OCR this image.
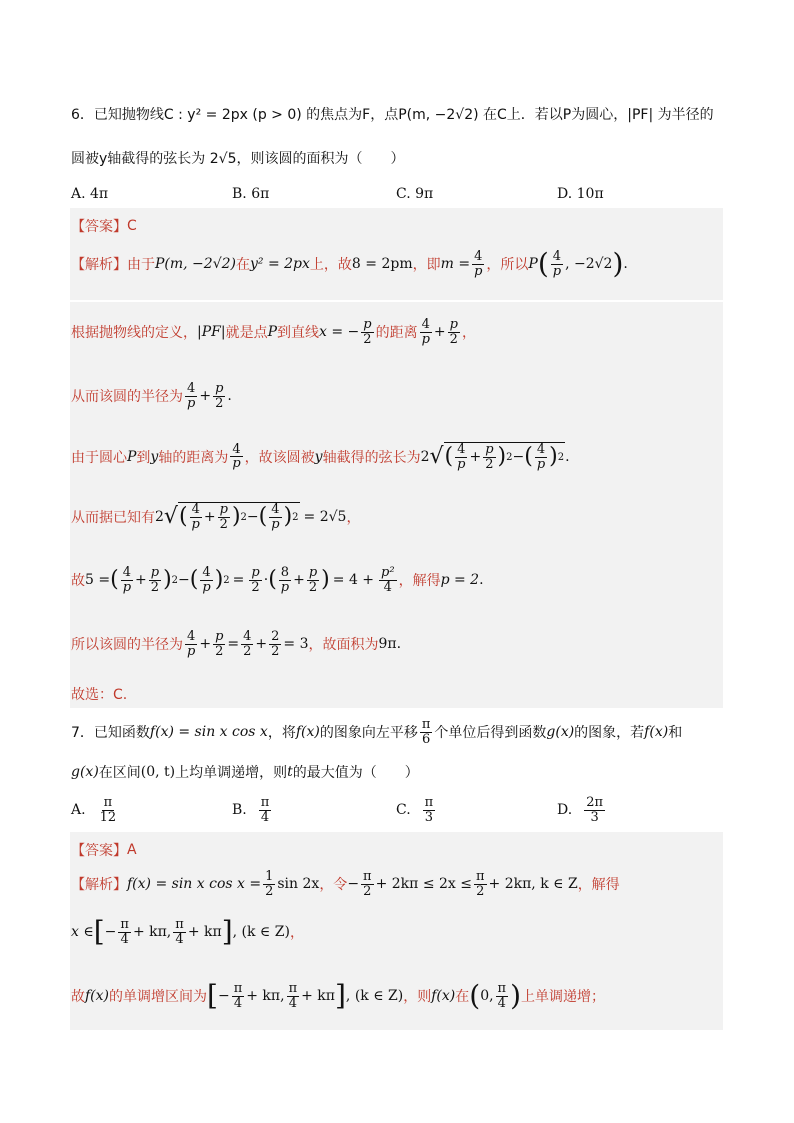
6．已知抛物线C : y² = 2px (p > 0) 的焦点为F，点P(m, −2√2) 在C上．若以P为圆心，|PF| 为半径的
圆被y轴截得的弦长为 2√5，则该圆的面积为（　　）
A. 4π	B. 6π	C. 9π	D. 10π
【答案】 C
【解析】 由于 P(m, −2√2) 在 y² = 2px 上，故 8 = 2pm ，即 $m = \frac{4}{p}$ ，所以 P ( $\frac{4}{p}$ , −2√2 ) .
根据抛物线的定义， |PF| 就是点 P 到直线 x = − $\frac{p}{2}$ 的距离 $\frac{4}{p} + \frac{p}{2}$ ，
从而该圆的半径为 $\frac{4}{p} + \frac{p}{2}$ .
由于圆心 P 到 y 轴的距离为 $\frac{4}{p}$ ，故该圆被 y 轴截得的弦长为 2 √ ( $\frac{4}{p} + \frac{p}{2}$ ) 2 − ( $\frac{4}{p}$ ) 2 .
从而据已知有 2 √ ( $\frac{4}{p} + \frac{p}{2}$ ) 2 − ( $\frac{4}{p}$ ) 2 = 2√5 ，
故 5 = ( $\frac{4}{p} + \frac{p}{2}$ ) 2 − ( $\frac{4}{p}$ ) $2 = \frac{p}{2}$ · ( $\frac{8}{p} + \frac{p}{2}$ ) = $4 + \frac{\text{p²}}{4}$ ，解得 p = 2 .
所以该圆的半径为 $\frac{4}{p} + \frac{p}{2} = \frac{4}{2} + \frac{2}{2} = 3$ ，故面积为 9π .
故选：C.
7．已知函数 f(x) = sin x cos x ，将 f(x) 的图象向左平移 $\frac{\pi}{6}$ 个单位后得到函数 g(x) 的图象，若 f(x) 和
g(x) 在区间 (0, t) 上均单调递增，则 t 的最大值为（　　）
A. $\frac{\pi}{12}$	B. $\frac{\pi}{4}$	C. $\frac{\pi}{3}$	D. $\frac{2\pi}{3}$
【答案】 A
【解析】 f(x) = sin x $\cos x = \frac{1}{2}$ sin 2x ，令 − $\frac{\pi}{2} + 2k\pi \le 2x \le \frac{\pi}{2} + 2k\pi$, k ∈ Z ，解得
x ∈ [ − $\frac{\pi}{4} + k\pi$, $\frac{\pi}{4} + k\pi$ ] , (k ∈ Z) ，
故 f(x) 的单调增区间为 [ − $\frac{\pi}{4} + k\pi$, $\frac{\pi}{4} + k\pi$ ] , (k ∈ Z) ，则 f(x) 在 ( 0, $\frac{\pi}{4}$ ) 上单调递增；
